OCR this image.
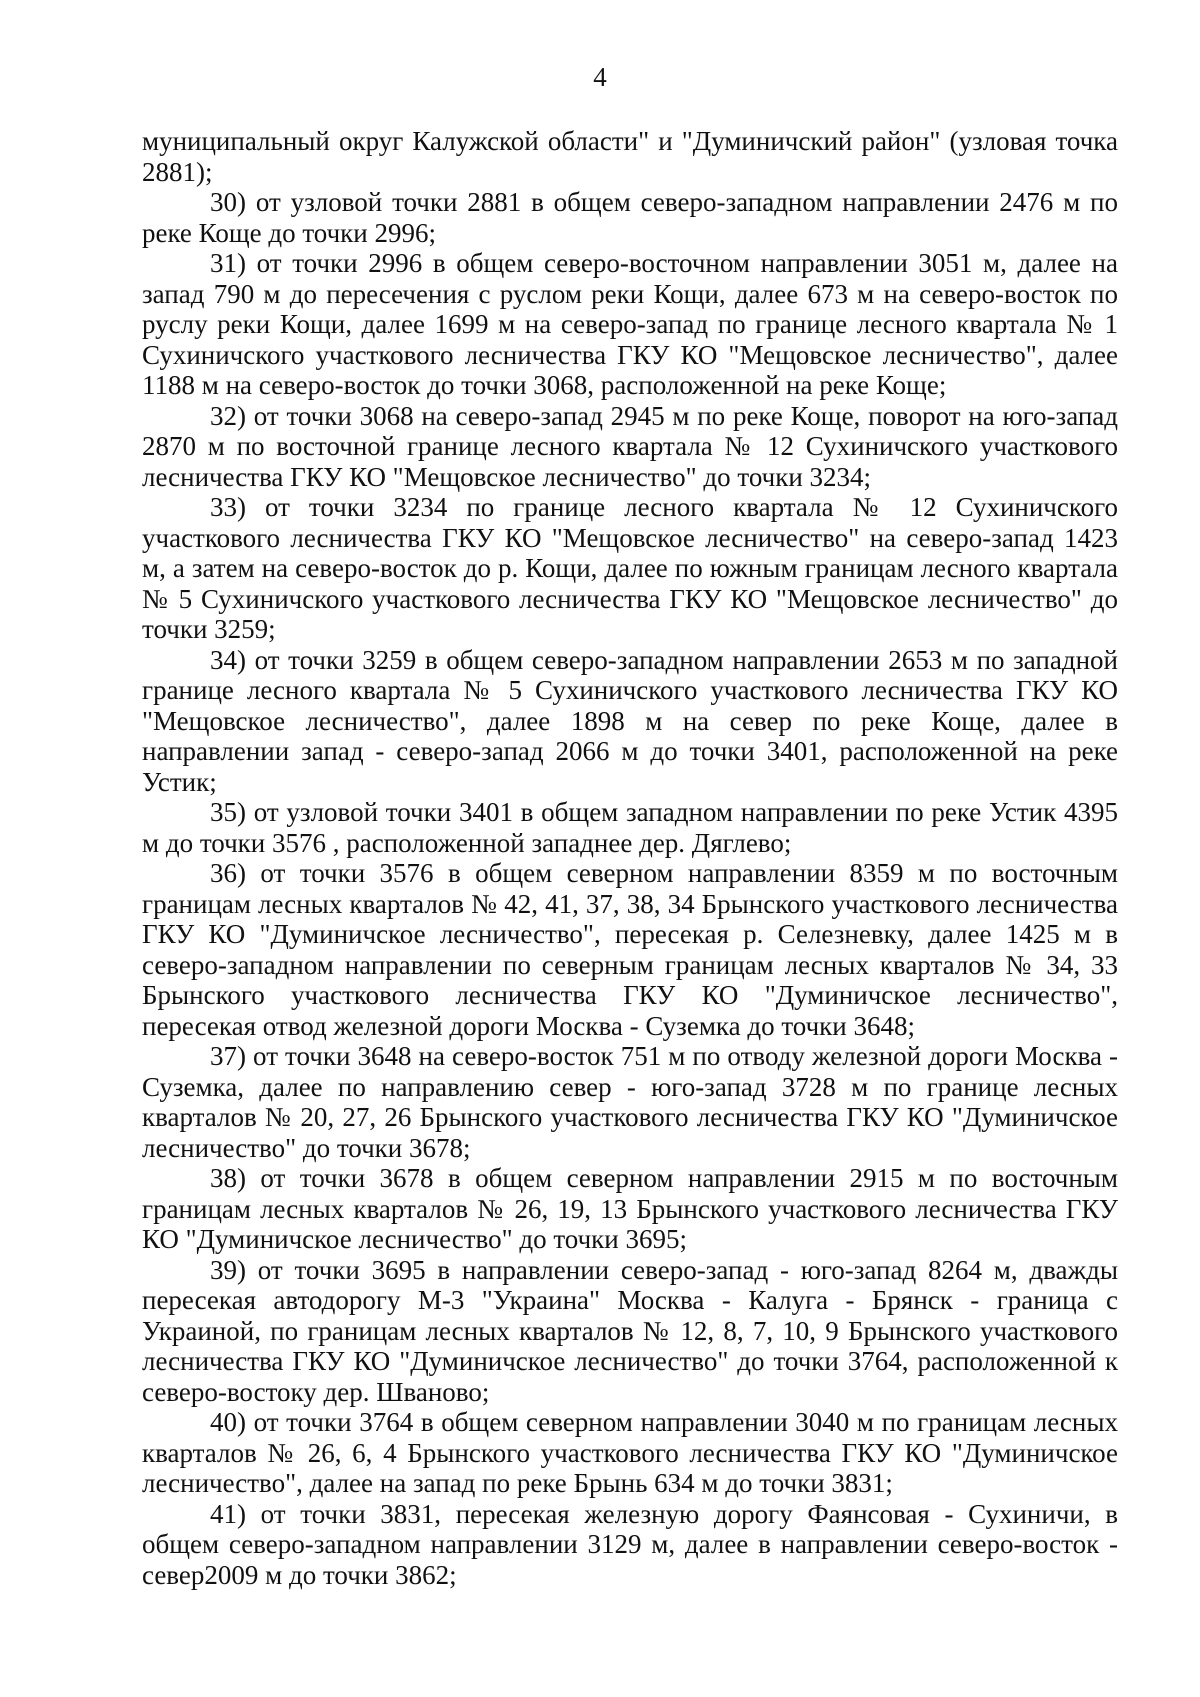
4

муниципальный округ Калужской области" и "Думиничский район" (узловая точка 2881);

30) от узловой точки 2881 в общем северо-западном направлении 2476 м по реке Коще до точки 2996;

31) от точки 2996 в общем северо-восточном направлении 3051 м, далее на запад 790 м до пересечения с руслом реки Кощи, далее 673 м на северо-восток по руслу реки Кощи, далее 1699 м на северо-запад по границе лесного квартала № 1 Сухиничского участкового лесничества ГКУ КО "Мещовское лесничество", далее 1188 м на северо-восток до точки 3068, расположенной на реке Коще;

32) от точки 3068 на северо-запад 2945 м по реке Коще, поворот на юго-запад 2870 м по восточной границе лесного квартала № 12 Сухиничского участкового лесничества ГКУ КО "Мещовское лесничество" до точки 3234;

33) от точки 3234 по границе лесного квартала № 12 Сухиничского участкового лесничества ГКУ КО "Мещовское лесничество" на северо-запад 1423 м, а затем на северо-восток до р. Кощи, далее по южным границам лесного квартала № 5 Сухиничского участкового лесничества ГКУ КО "Мещовское лесничество" до точки 3259;

34) от точки 3259 в общем северо-западном направлении 2653 м по западной границе лесного квартала № 5 Сухиничского участкового лесничества ГКУ КО "Мещовское лесничество", далее 1898 м на север по реке Коще, далее в направлении запад - северо-запад 2066 м до точки 3401, расположенной на реке Устик;

35) от узловой точки 3401 в общем западном направлении по реке Устик 4395 м до точки 3576 , расположенной западнее дер. Дяглево;

36) от точки 3576 в общем северном направлении 8359 м по восточным границам лесных кварталов № 42, 41, 37, 38, 34 Брынского участкового лесничества ГКУ КО "Думиничское лесничество", пересекая р. Селезневку, далее 1425 м в северо-западном направлении по северным границам лесных кварталов № 34, 33 Брынского участкового лесничества ГКУ КО "Думиничское лесничество", пересекая отвод железной дороги Москва - Суземка до точки 3648;

37) от точки 3648 на северо-восток 751 м по отводу железной дороги Москва - Суземка, далее по направлению север - юго-запад 3728 м по границе лесных кварталов № 20, 27, 26 Брынского участкового лесничества ГКУ КО "Думиничское лесничество" до точки 3678;

38) от точки 3678 в общем северном направлении 2915 м по восточным границам лесных кварталов № 26, 19, 13 Брынского участкового лесничества ГКУ КО "Думиничское лесничество" до точки 3695;

39) от точки 3695 в направлении северо-запад - юго-запад 8264 м, дважды пересекая автодорогу М-3 "Украина" Москва - Калуга - Брянск - граница с Украиной, по границам лесных кварталов № 12, 8, 7, 10, 9 Брынского участкового лесничества ГКУ КО "Думиничское лесничество" до точки 3764, расположенной к северо-востоку дер. Шваново;

40) от точки 3764 в общем северном направлении 3040 м по границам лесных кварталов № 26, 6, 4 Брынского участкового лесничества ГКУ КО "Думиничское лесничество", далее на запад по реке Брынь 634 м до точки 3831;

41) от точки 3831, пересекая железную дорогу Фаянсовая - Сухиничи, в общем северо-западном направлении 3129 м, далее в направлении северо-восток - север2009 м до точки 3862;
